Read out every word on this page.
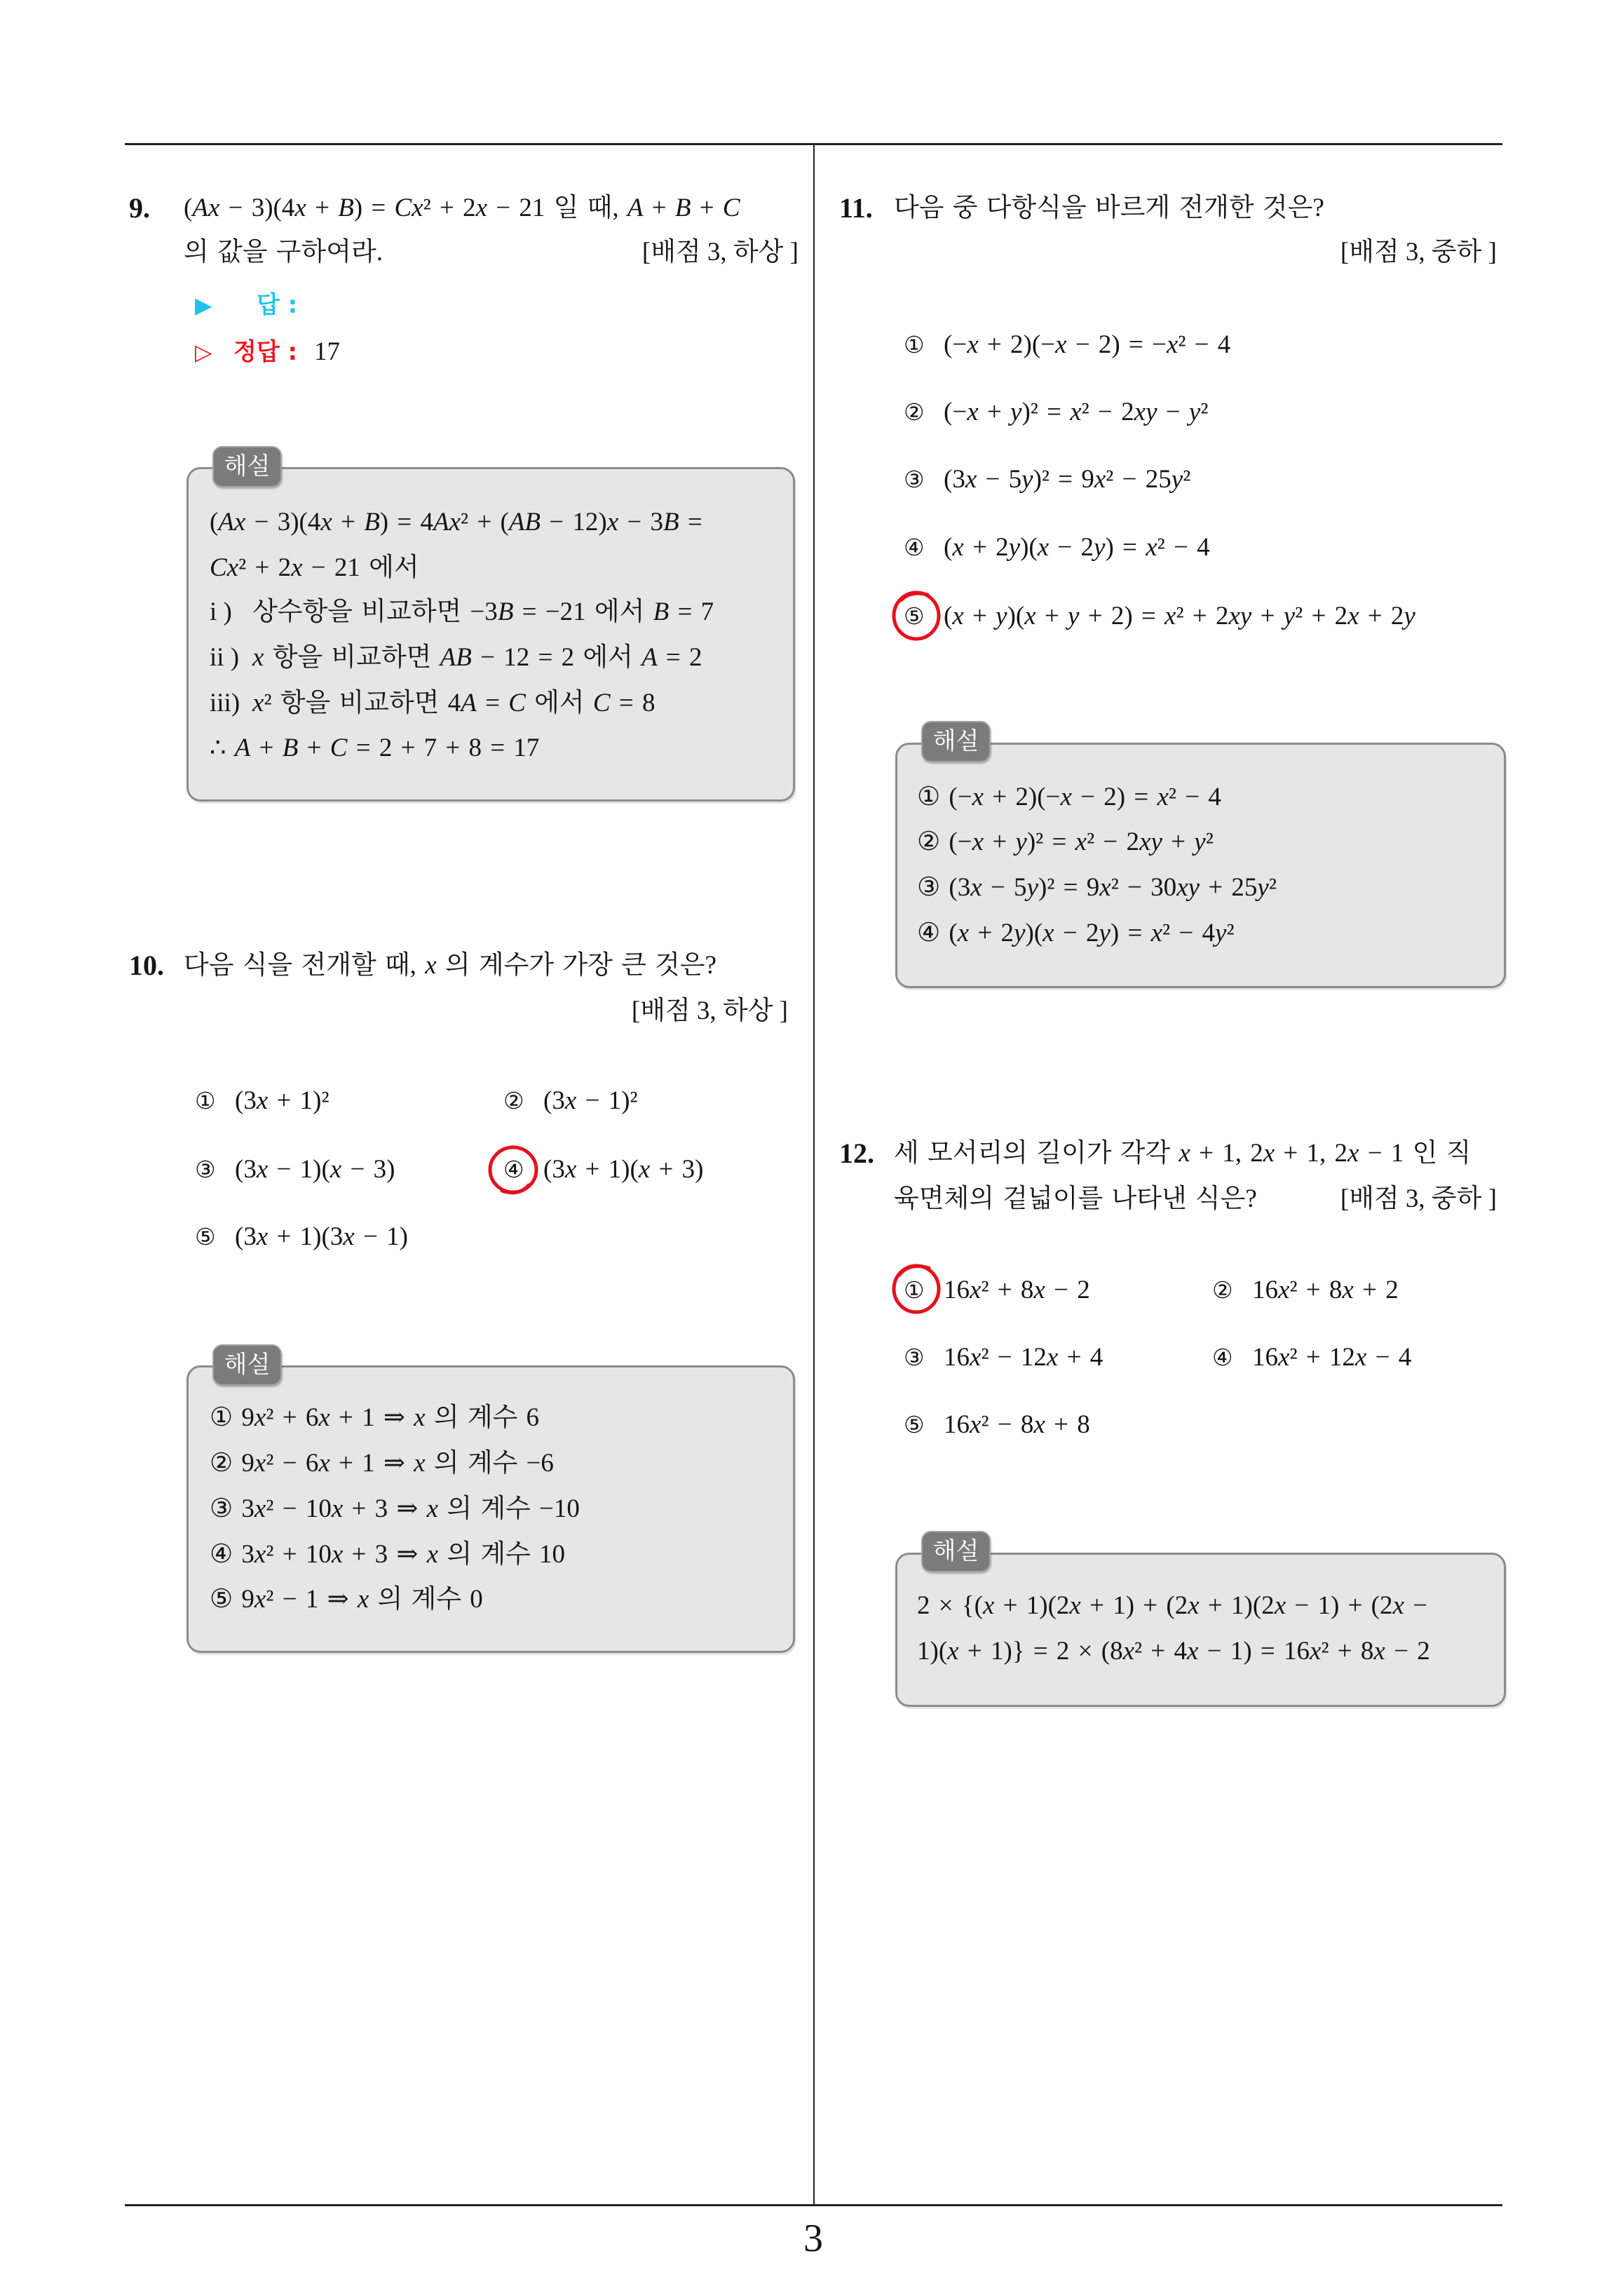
9. (Ax − 3)(4x + B) = Cx² + 2x − 21 일 때, A + B + C
의 값을 구하여라.	[배점 3, 하상 ]
▶ 답 :
▷ 정답 : 17
해설
(Ax − 3)(4x + B) = 4Ax² + (AB − 12)x − 3B =
Cx² + 2x − 21 에서
i ) 상수항을 비교하면 −3B = −21 에서 B = 7
ii ) x 항을 비교하면 AB − 12 = 2 에서 A = 2
iii) x² 항을 비교하면 4A = C 에서 C = 8
∴ A + B + C = 2 + 7 + 8 = 17
10. 다음 식을 전개할 때, x 의 계수가 가장 큰 것은?
[배점 3, 하상 ]
① (3x + 1)²	② (3x − 1)²
③ (3x − 1)(x − 3)	④ (3x + 1)(x + 3)
⑤ (3x + 1)(3x − 1)
해설
① 9x² + 6x + 1 ⇒ x 의 계수 6
② 9x² − 6x + 1 ⇒ x 의 계수 −6
③ 3x² − 10x + 3 ⇒ x 의 계수 −10
④ 3x² + 10x + 3 ⇒ x 의 계수 10
⑤ 9x² − 1 ⇒ x 의 계수 0
11. 다음 중 다항식을 바르게 전개한 것은?
[배점 3, 중하 ]
① (−x + 2)(−x − 2) = −x² − 4
② (−x + y)² = x² − 2xy − y²
③ (3x − 5y)² = 9x² − 25y²
④ (x + 2y)(x − 2y) = x² − 4
⑤ (x + y)(x + y + 2) = x² + 2xy + y² + 2x + 2y
해설
① (−x + 2)(−x − 2) = x² − 4
② (−x + y)² = x² − 2xy + y²
③ (3x − 5y)² = 9x² − 30xy + 25y²
④ (x + 2y)(x − 2y) = x² − 4y²
12. 세 모서리의 길이가 각각 x + 1, 2x + 1, 2x − 1 인 직
육면체의 겉넓이를 나타낸 식은?	[배점 3, 중하 ]
① 16x² + 8x − 2	② 16x² + 8x + 2
③ 16x² − 12x + 4	④ 16x² + 12x − 4
⑤ 16x² − 8x + 8
해설
2 × {(x + 1)(2x + 1) + (2x + 1)(2x − 1) + (2x −
1)(x + 1)} = 2 × (8x² + 4x − 1) = 16x² + 8x − 2
3
